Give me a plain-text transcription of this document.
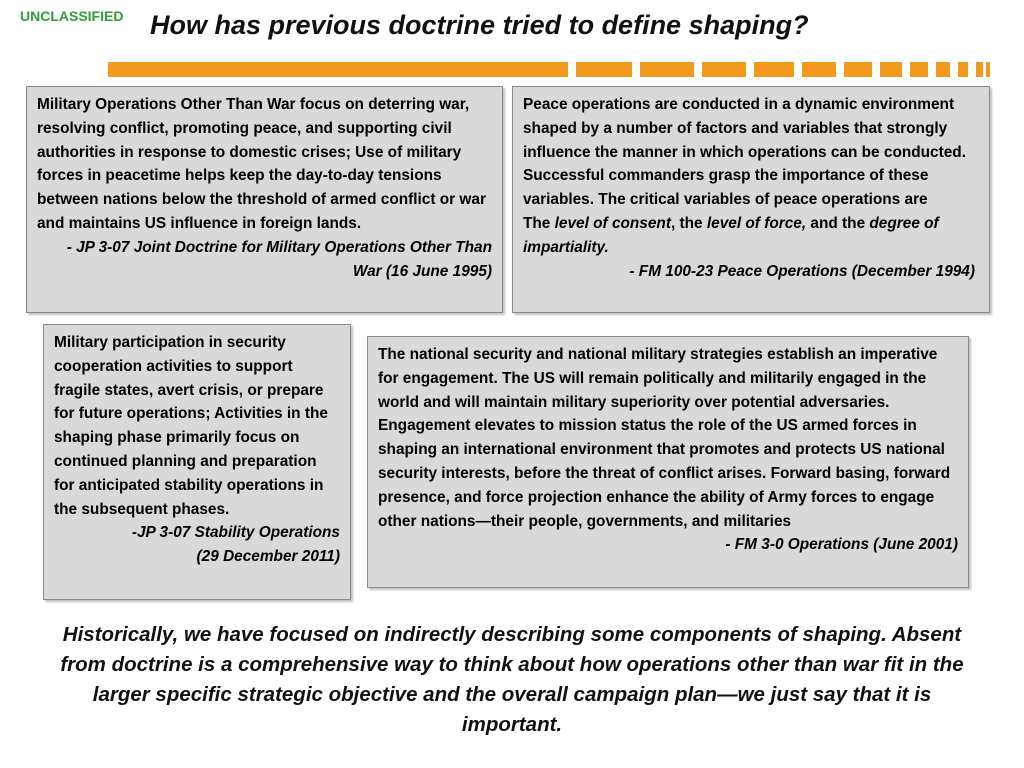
UNCLASSIFIED How has previous doctrine tried to define shaping?
Military Operations Other Than War focus on deterring war, resolving conflict, promoting peace, and supporting civil authorities in response to domestic crises; Use of military forces in peacetime helps keep the day-to-day tensions between nations below the threshold of armed conflict or war and maintains US influence in foreign lands.
- JP 3-07 Joint Doctrine for Military Operations Other Than War (16 June 1995)
Peace operations are conducted in a dynamic environment shaped by a number of factors and variables that strongly influence the manner in which operations can be conducted. Successful commanders grasp the importance of these variables. The critical variables of peace operations are
The level of consent, the level of force, and the degree of impartiality.
- FM 100-23 Peace Operations (December 1994)
Military participation in security cooperation activities to support fragile states, avert crisis, or prepare for future operations; Activities in the shaping phase primarily focus on continued planning and preparation for anticipated stability operations in the subsequent phases.
-JP 3-07 Stability Operations
(29 December 2011)
The national security and national military strategies establish an imperative for engagement. The US will remain politically and militarily engaged in the world and will maintain military superiority over potential adversaries. Engagement elevates to mission status the role of the US armed forces in shaping an international environment that promotes and protects US national security interests, before the threat of conflict arises. Forward basing, forward presence, and force projection enhance the ability of Army forces to engage other nations—their people, governments, and militaries
- FM 3-0 Operations (June 2001)
Historically, we have focused on indirectly describing some components of shaping. Absent from doctrine is a comprehensive way to think about how operations other than war fit in the larger specific strategic objective and the overall campaign plan—we just say that it is important.
